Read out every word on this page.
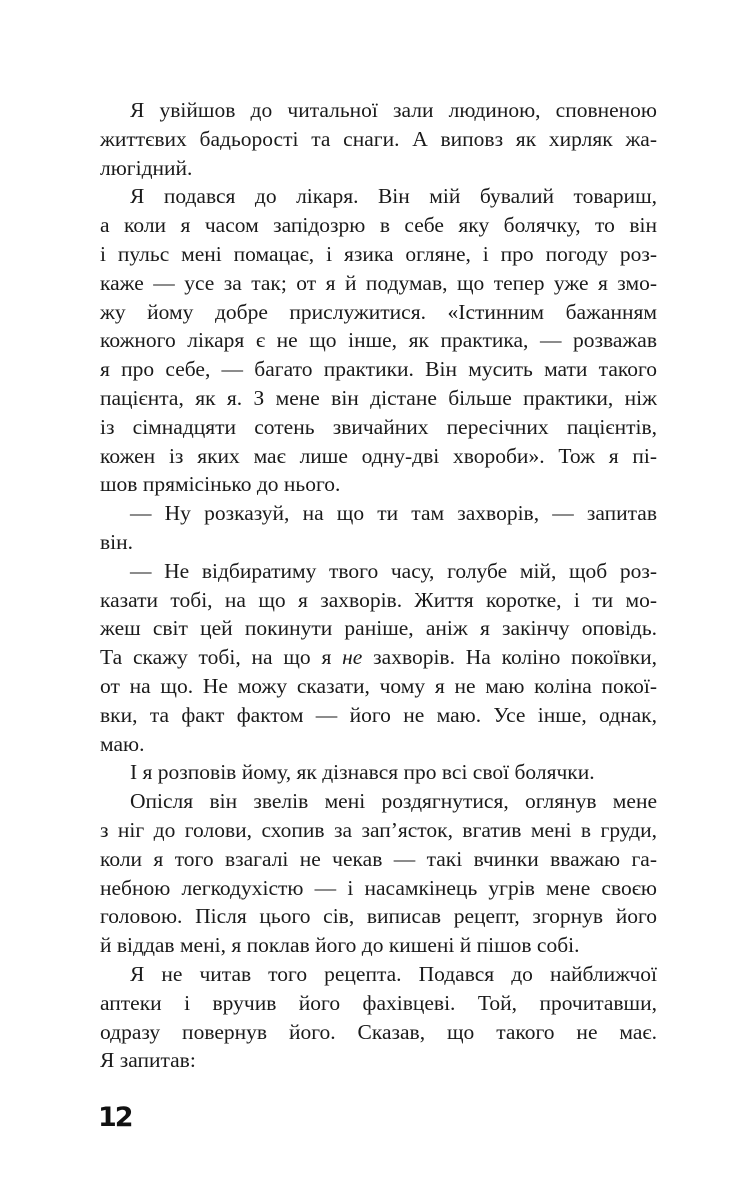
Я увійшов до читальної зали людиною, сповненою
життєвих бадьорості та снаги. А виповз як хирляк жа-
люгідний.
Я подався до лікаря. Він мій бувалий товариш,
а коли я часом запідозрю в себе яку болячку, то він
і пульс мені помацає, і язика огляне, і про погоду роз-
каже — усе за так; от я й подумав, що тепер уже я змо-
жу йому добре прислужитися. «Істинним бажанням
кожного лікаря є не що інше, як практика, — розважав
я про себе, — багато практики. Він мусить мати такого
пацієнта, як я. З мене він дістане більше практики, ніж
із сімнадцяти сотень звичайних пересічних пацієнтів,
кожен із яких має лише одну-дві хвороби». Тож я пі-
шов прямісінько до нього.
— Ну розказуй, на що ти там захворів, — запитав
він.
— Не відбиратиму твого часу, голубе мій, щоб роз-
казати тобі, на що я захворів. Життя коротке, і ти мо-
жеш світ цей покинути раніше, аніж я закінчу оповідь.
Та скажу тобі, на що я не захворів. На коліно покоївки,
от на що. Не можу сказати, чому я не маю коліна покої-
вки, та факт фактом — його не маю. Усе інше, однак,
маю.
І я розповів йому, як дізнався про всі свої болячки.
Опісля він звелів мені роздягнутися, оглянув мене
з ніг до голови, схопив за зап’ясток, вгатив мені в груди,
коли я того взагалі не чекав — такі вчинки вважаю га-
небною легкодухістю — і насамкінець угрів мене своєю
головою. Після цього сів, виписав рецепт, згорнув його
й віддав мені, я поклав його до кишені й пішов собі.
Я не читав того рецепта. Подався до найближчої
аптеки і вручив його фахівцеві. Той, прочитавши,
одразу повернув його. Сказав, що такого не має.
Я запитав:
12
